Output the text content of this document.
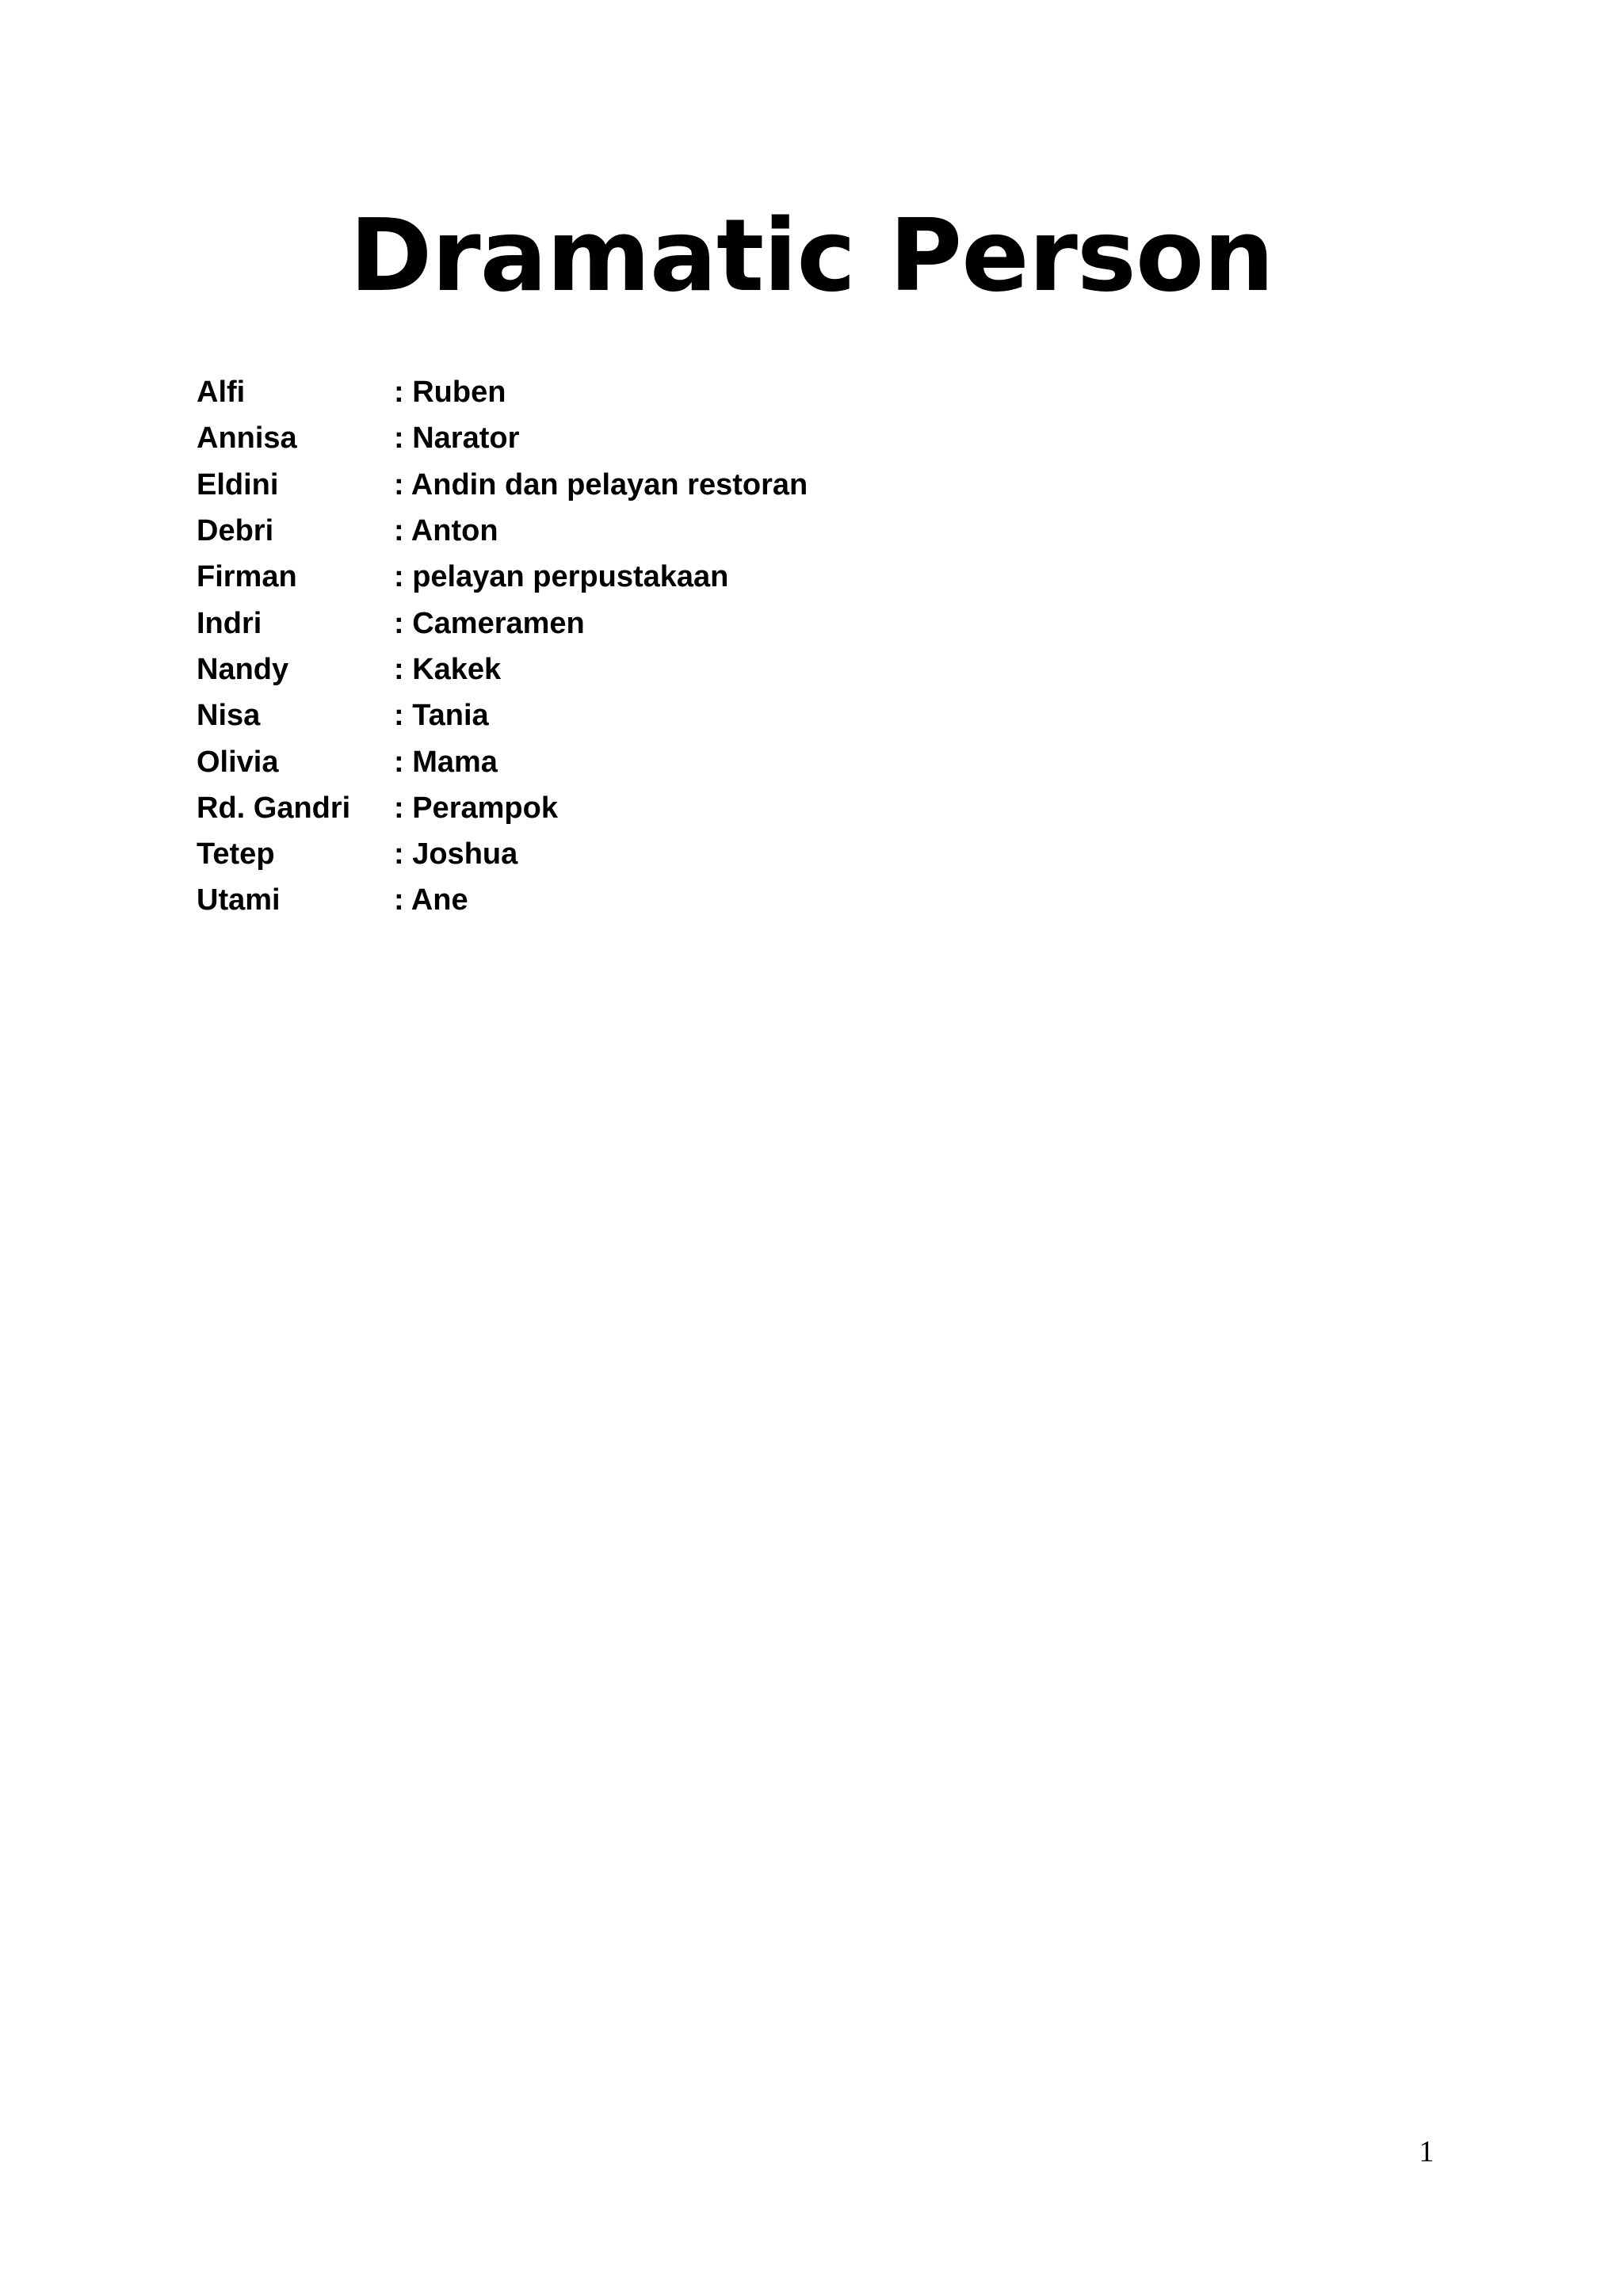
Dramatic Person
Alfi	: Ruben
Annisa	: Narator
Eldini	: Andin dan pelayan restoran
Debri	: Anton
Firman	: pelayan perpustakaan
Indri	: Cameramen
Nandy	: Kakek
Nisa	: Tania
Olivia	: Mama
Rd. Gandri	: Perampok
Tetep	: Joshua
Utami	: Ane
1
